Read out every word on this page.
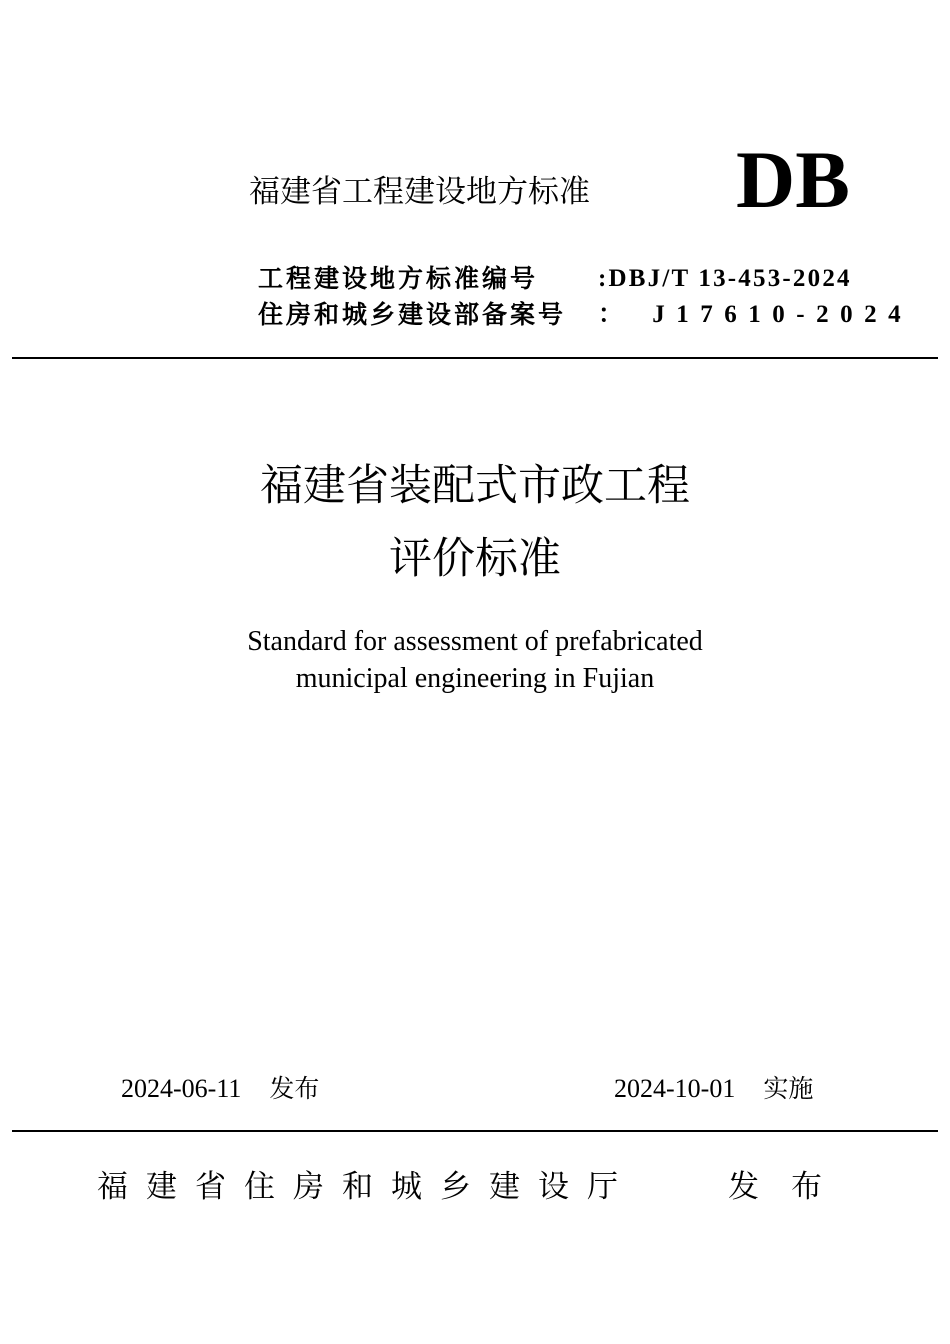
福建省工程建设地方标准 DB
工程建设地方标准编号 :DBJ/T 13-453-2024
住房和城乡建设部备案号 ： J17610-2024
福建省装配式市政工程
评价标准
Standard for assessment of prefabricated
municipal engineering in Fujian
2024-06-11 发布	2024-10-01 实施
福建省住房和城乡建设厅	发布
